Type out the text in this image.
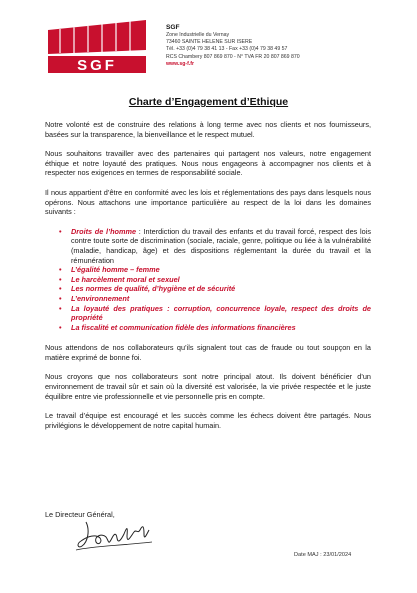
SGF
SGF
Zone Industrielle du Vernay
73460 SAINTE HELENE SUR ISERE
Tél. +33 (0)4 79 38 41 13 - Fax +33 (0)4 79 38 49 57
RCS Chambery 807 869 870 - N° TVA FR 20 807 869 870
www.sg-f.fr
Charte d’Engagement d’Ethique

Notre volonté est de construire des relations à long terme avec nos clients et nos fournisseurs, basées sur la transparence, la bienveillance et le respect mutuel.

Nous souhaitons travailler avec des partenaires qui partagent nos valeurs, notre engagement éthique et notre loyauté des pratiques. Nous nous engageons à accompagner nos clients et à respecter nos exigences en termes de responsabilité sociale.

Il nous appartient d’être en conformité avec les lois et réglementations des pays dans lesquels nous opérons. Nous attachons une importance particulière au respect de la loi dans les domaines suivants :

• Droits de l’homme : Interdiction du travail des enfants et du travail forcé, respect des lois contre toute sorte de discrimination (sociale, raciale, genre, politique ou liée à la vulnérabilité (maladie, handicap, âge) et des dispositions réglementant la durée du travail et la rémunération
• L’égalité homme – femme
• Le harcèlement moral et sexuel
• Les normes de qualité, d’hygiène et de sécurité
• L’environnement
• La loyauté des pratiques : corruption, concurrence loyale, respect des droits de propriété
• La fiscalité et communication fidèle des informations financières

Nous attendons de nos collaborateurs qu’ils signalent tout cas de fraude ou tout soupçon en la matière exprimé de bonne foi.

Nous croyons que nos collaborateurs sont notre principal atout. Ils doivent bénéficier d’un environnement de travail sûr et sain où la diversité est valorisée, la vie privée respectée et le juste équilibre entre vie professionnelle et vie personnelle pris en compte.

Le travail d’équipe est encouragé et les succès comme les échecs doivent être partagés. Nous privilégions le développement de notre capital humain.

Le Directeur Général,
Date MAJ : 23/01/2024
